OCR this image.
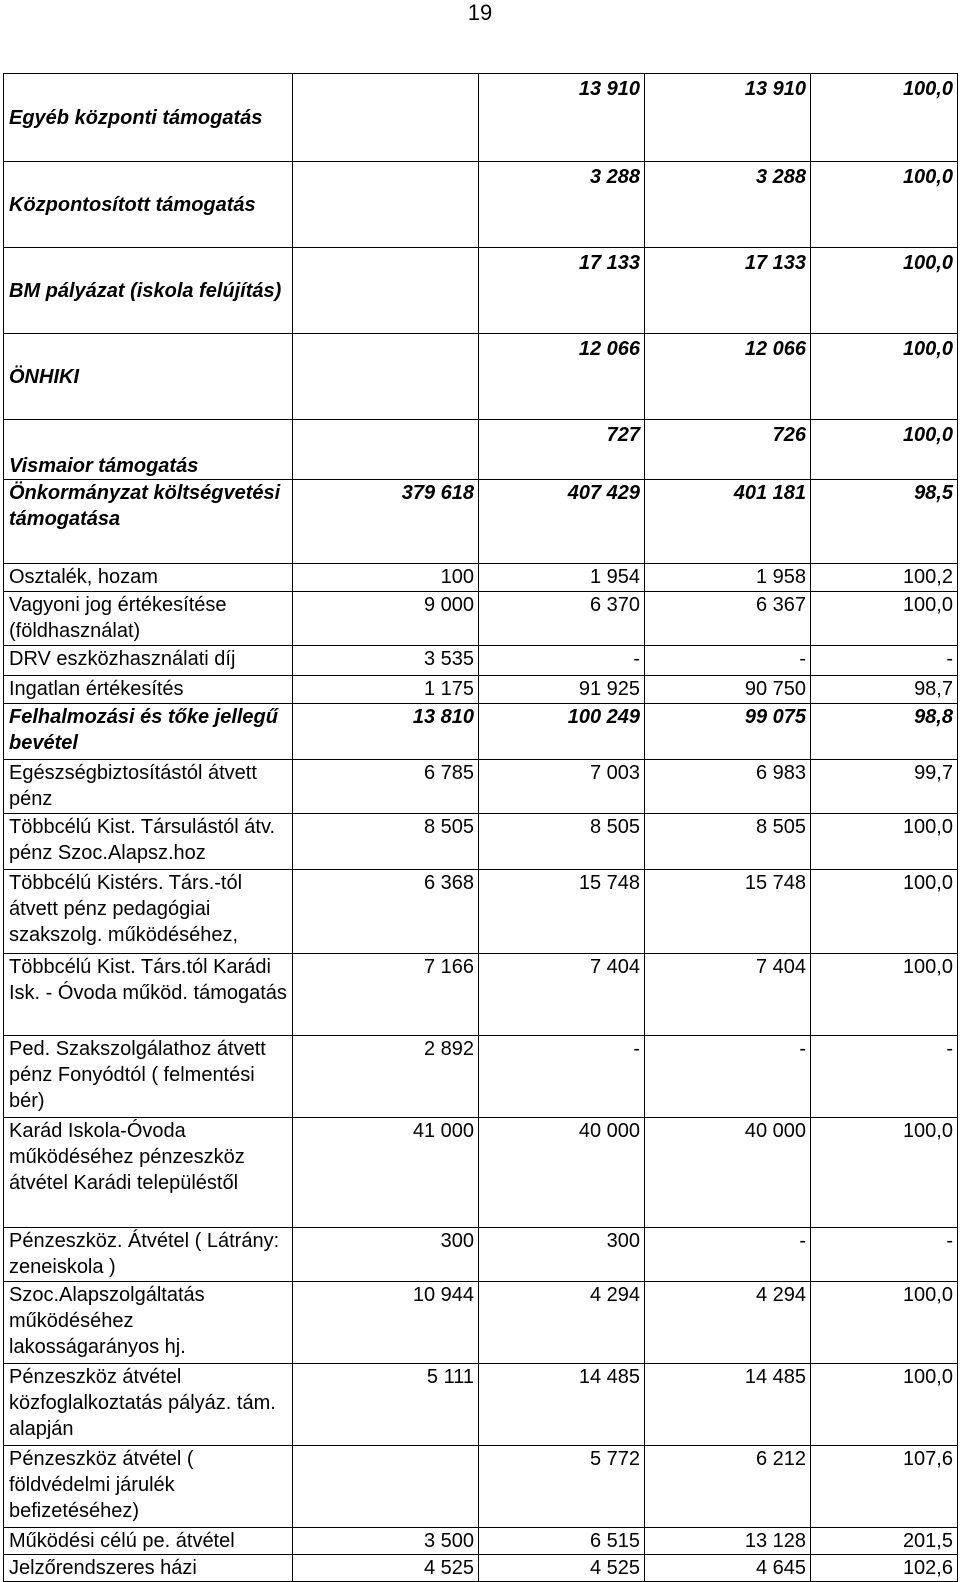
19
Egyéb központi támogatás		13 910	13 910	100,0
Központosított támogatás		3 288	3 288	100,0
BM pályázat (iskola felújítás)		17 133	17 133	100,0
ÖNHIKI		12 066	12 066	100,0
Vismaior támogatás		727	726	100,0
Önkormányzat költségvetési támogatása	379 618	407 429	401 181	98,5
Osztalék, hozam	100	1 954	1 958	100,2
Vagyoni jog értékesítése (földhasználat)	9 000	6 370	6 367	100,0
DRV eszközhasználati díj	3 535	-	-	-
Ingatlan értékesítés	1 175	91 925	90 750	98,7
Felhalmozási és tőke jellegű bevétel	13 810	100 249	99 075	98,8
Egészségbiztosítástól átvett pénz	6 785	7 003	6 983	99,7
Többcélú Kist. Társulástól átv. pénz Szoc.Alapsz.hoz	8 505	8 505	8 505	100,0
Többcélú Kistérs. Társ.-tól átvett pénz pedagógiai szakszolg. működéséhez,	6 368	15 748	15 748	100,0
Többcélú Kist. Társ.tól Karádi Isk. - Óvoda működ. támogatás	7 166	7 404	7 404	100,0
Ped. Szakszolgálathoz átvett pénz Fonyódtól ( felmentési bér)	2 892	-	-	-
Karád Iskola-Óvoda működéséhez pénzeszköz átvétel Karádi településtől	41 000	40 000	40 000	100,0
Pénzeszköz. Átvétel ( Látrány: zeneiskola )	300	300	-	-
Szoc.Alapszolgáltatás működéséhez lakosságarányos hj.	10 944	4 294	4 294	100,0
Pénzeszköz átvétel közfoglalkoztatás pályáz. tám. alapján	5 111	14 485	14 485	100,0
Pénzeszköz átvétel ( földvédelmi járulék befizetéséhez)		5 772	6 212	107,6
Működési célú pe. átvétel	3 500	6 515	13 128	201,5
Jelzőrendszeres házi	4 525	4 525	4 645	102,6
